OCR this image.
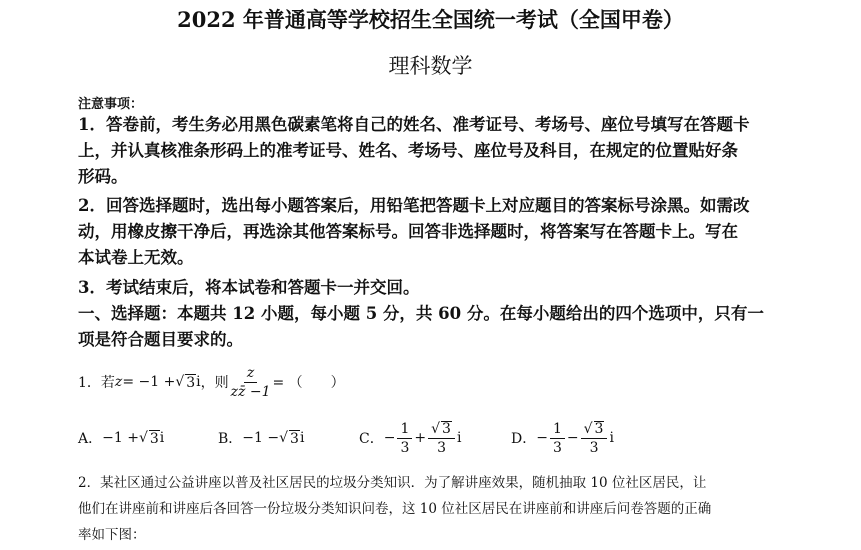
2022 年普通高等学校招生全国统一考试（全国甲卷）
理科数学
注意事项：
1．答卷前，考生务必用黑色碳素笔将自己的姓名、准考证号、考场号、座位号填写在答题卡
上，并认真核准条形码上的准考证号、姓名、考场号、座位号及科目，在规定的位置贴好条
形码。
2．回答选择题时，选出每小题答案后，用铅笔把答题卡上对应题目的答案标号涂黑。如需改
动，用橡皮擦干净后，再选涂其他答案标号。回答非选择题时，将答案写在答题卡上。写在
本试卷上无效。
3．考试结束后，将本试卷和答题卡一并交回。
一、选择题：本题共 12 小题，每小题 5 分，共 60 分。在每小题给出的四个选项中，只有一
项是符合题目要求的。
1．若 z = −1 + √ 3 i ，则 $\frac{z}{zz̄ -1}$ = （　　）
A． −1 + √ 3 i	B． −1 − √ 3 i	C． − $\frac{1}{3} + \frac{√ 3}{3}$ i	D． − $\frac{1}{3} - \frac{√ 3}{3}$ i
2．某社区通过公益讲座以普及社区居民的垃圾分类知识．为了解讲座效果，随机抽取 10 位社区居民，让
他们在讲座前和讲座后各回答一份垃圾分类知识问卷，这 10 位社区居民在讲座前和讲座后问卷答题的正确
率如下图：
